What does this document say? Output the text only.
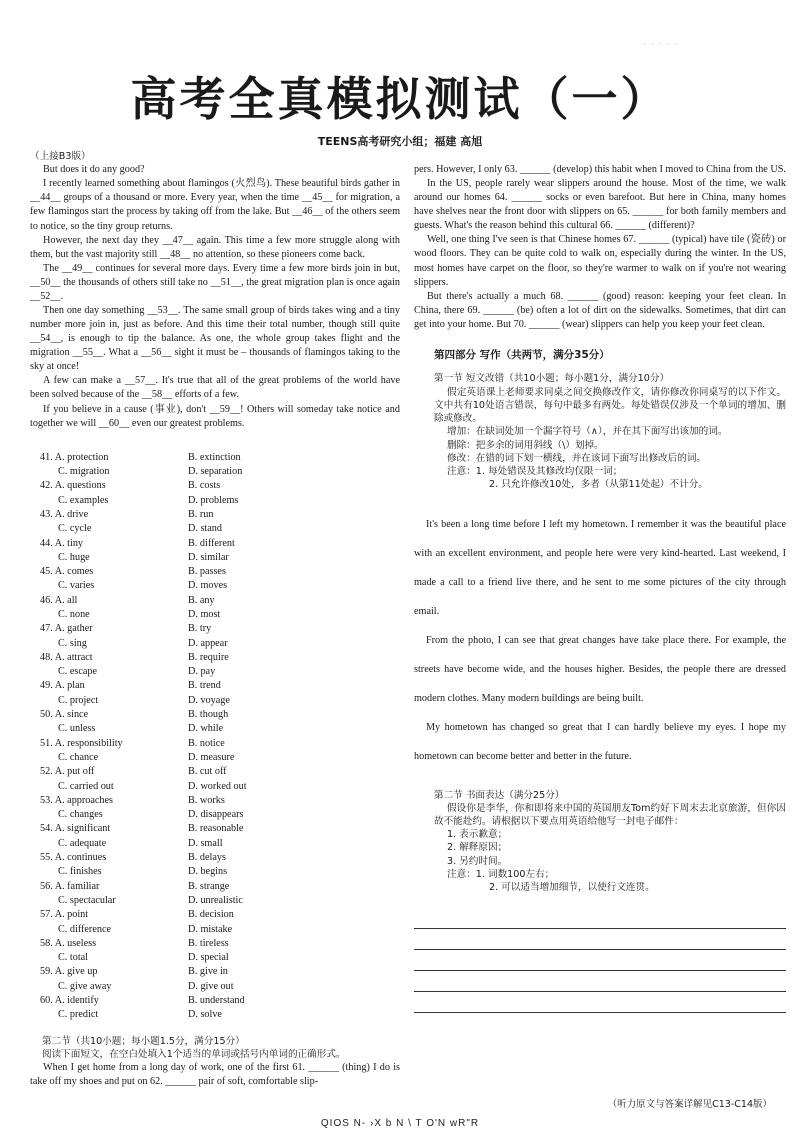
· · · · ·
高考全真模拟测试（一）
TEENS高考研究小组；福建 高旭

（上接B3版）

But does it do any good?

I recently learned something about flamingos (火烈鸟). These beautiful birds gather in __44__ groups of a thousand or more. Every year, when the time __45__ for migration, a few flamingos start the process by taking off from the lake. But __46__ of the others seem to notice, so the tiny group returns.

However, the next day they __47__ again. This time a few more struggle along with them, but the vast majority still __48__ no attention, so these pioneers come back.

The __49__ continues for several more days. Every time a few more birds join in but, __50__ the thousands of others still take no __51__, the great migration plan is once again __52__.

Then one day something __53__. The same small group of birds takes wing and a tiny number more join in, just as before. And this time their total number, though still quite __54__, is enough to tip the balance. As one, the whole group takes flight and the migration __55__. What a __56__ sight it must be – thousands of flamingos taking to the sky at once!

A few can make a __57__. It's true that all of the great problems of the world have been solved because of the __58__ efforts of a few.

If you believe in a cause (事业), don't __59__! Others will someday take notice and together we will __60__ even our greatest problems.

41. A. protection	B. extinction
C. migration	D. separation
42. A. questions	B. costs
C. examples	D. problems
43. A. drive	B. run
C. cycle	D. stand
44. A. tiny	B. different
C. huge	D. similar
45. A. comes	B. passes
C. varies	D. moves
46. A. all	B. any
C. none	D. most
47. A. gather	B. try
C. sing	D. appear
48. A. attract	B. require
C. escape	D. pay
49. A. plan	B. trend
C. project	D. voyage
50. A. since	B. though
C. unless	D. while
51. A. responsibility	B. notice
C. chance	D. measure
52. A. put off	B. cut off
C. carried out	D. worked out
53. A. approaches	B. works
C. changes	D. disappears
54. A. significant	B. reasonable
C. adequate	D. small
55. A. continues	B. delays
C. finishes	D. begins
56. A. familiar	B. strange
C. spectacular	D. unrealistic
57. A. point	B. decision
C. difference	D. mistake
58. A. useless	B. tireless
C. total	D. special
59. A. give up	B. give in
C. give away	D. give out
60. A. identify	B. understand
C. predict	D. solve

第二节（共10小题；每小题1.5分，满分15分）

阅读下面短文，在空白处填入1个适当的单词或括号内单词的正确形式。

When I get home from a long day of work, one of the first 61. ______ (thing) I do is take off my shoes and put on 62. ______ pair of soft, comfortable slip-

pers. However, I only 63. ______ (develop) this habit when I moved to China from the US.

In the US, people rarely wear slippers around the house. Most of the time, we walk around our homes 64. ______ socks or even barefoot. But here in China, many homes have shelves near the front door with slippers on 65. ______ for both family members and guests. What's the reason behind this cultural 66. ______ (different)?

Well, one thing I've seen is that Chinese homes 67. ______ (typical) have tile (瓷砖) or wood floors. They can be quite cold to walk on, especially during the winter. In the US, most homes have carpet on the floor, so they're warmer to walk on if you're not wearing slippers.

But there's actually a much 68. ______ (good) reason: keeping your feet clean. In China, there 69. ______ (be) often a lot of dirt on the sidewalks. Sometimes, that dirt can get into your home. But 70. ______ (wear) slippers can help you keep your feet clean.

第四部分 写作（共两节，满分35分）

第一节 短文改错（共10小题；每小题1分，满分10分）

假定英语课上老师要求同桌之间交换修改作文，请你修改你同桌写的以下作文。文中共有10处语言错误，每句中最多有两处。每处错误仅涉及一个单词的增加、删除或修改。

增加：在缺词处加一个漏字符号（∧），并在其下面写出该加的词。

删除：把多余的词用斜线（\）划掉。

修改：在错的词下划一横线，并在该词下面写出修改后的词。

注意：1. 每处错误及其修改均仅限一词；

2. 只允许修改10处，多者（从第11处起）不计分。

It's been a long time before I left my hometown. I remember it was the beautiful place with an excellent environment, and people here were very kind-hearted. Last weekend, I made a call to a friend live there, and he sent to me some pictures of the city through email.

From the photo, I can see that great changes have take place there. For example, the streets have become wide, and the houses higher. Besides, the people there are dressed modern clothes. Many modern buildings are being built.

My hometown has changed so great that I can hardly believe my eyes. I hope my hometown can become better and better in the future.

第二节 书面表达（满分25分）

假设你是李华，你和即将来中国的英国朋友Tom约好下周末去北京旅游，但你因故不能赴约。请根据以下要点用英语给他写一封电子邮件：

1. 表示歉意；

2. 解释原因；

3. 另约时间。

注意：1. 词数100左右；

2. 可以适当增加细节，以使行文连贯。

（听力原文与答案详解见C13-C14版）
QIOS N- ›X b N \ T O'N wR"R
